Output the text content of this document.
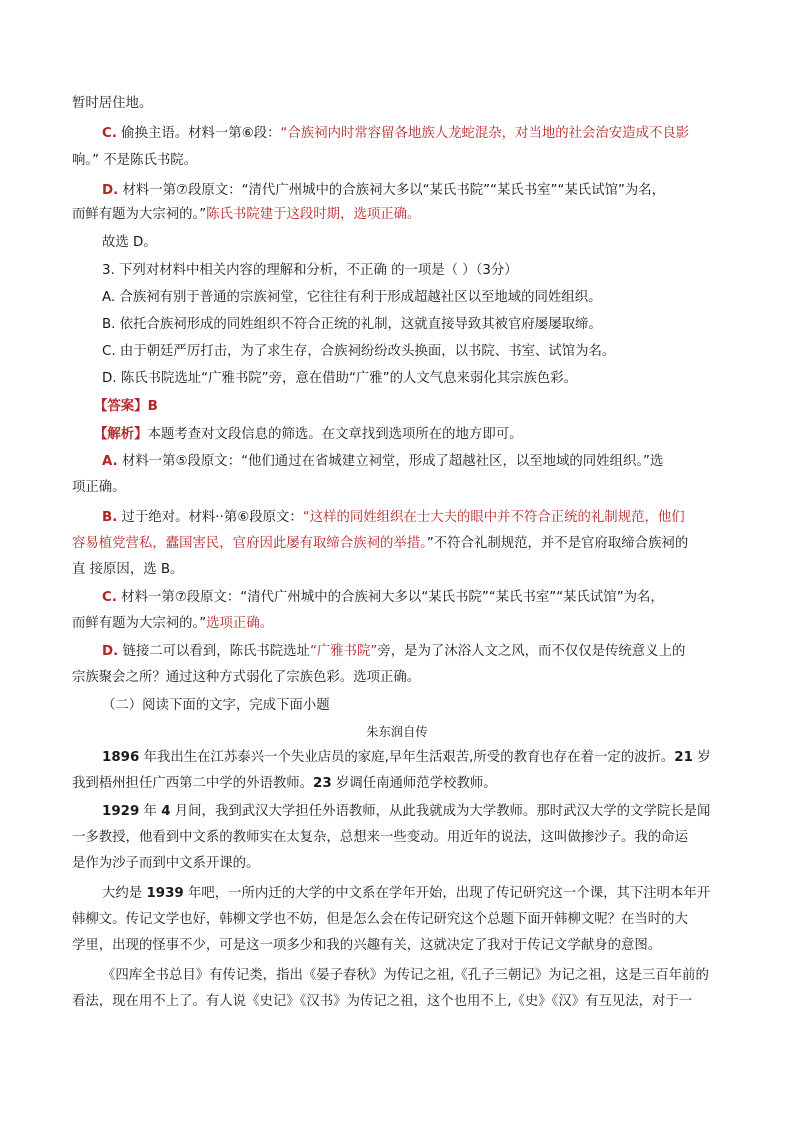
暂时居住地。
C. 偷换主语。材料一第⑥段：“合族祠内时常容留各地族人龙蛇混杂，对当地的社会治安造成不良影
响。” 不是陈氏书院。
D. 材料一第⑦段原文：“清代广州城中的合族祠大多以“某氏书院”“某氏书室”“某氏试馆”为名，
而鲜有题为大宗祠的。”陈氏书院建于这段时期，选项正确。
故选 D。
3. 下列对材料中相关内容的理解和分析，不正确 的一项是（ ）（3分）
A. 合族祠有别于普通的宗族祠堂，它往往有利于形成超越社区以至地域的同姓组织。
B. 依托合族祠形成的同姓组织不符合正统的礼制，这就直接导致其被官府屡屡取缔。
C. 由于朝廷严厉打击，为了求生存，合族祠纷纷改头换面，以书院、书室、试馆为名。
D. 陈氏书院选址“广雅书院”旁，意在借助“广雅”的人文气息来弱化其宗族色彩。
【答案】B
【解析】本题考查对文段信息的筛选。在文章找到选项所在的地方即可。
A. 材料一第⑤段原文：“他们通过在省城建立祠堂，形成了超越社区，以至地域的同姓组织。”选
项正确。
B. 过于绝对。材料··第⑥段原文：“这样的同姓组织在士大夫的眼中并不符合正统的礼制规范，他们
容易植党营私，蠹国害民，官府因此屡有取缔合族祠的举措。”不符合礼制规范，并不是官府取缔合族祠的
直 接原因，选 B。
C. 材料一第⑦段原文：“清代广州城中的合族祠大多以“某氏书院”“某氏书室”“某氏试馆”为名，
而鲜有题为大宗祠的。”选项正确。
D. 链接二可以看到，陈氏书院选址“广雅书院”旁，是为了沐浴人文之风，而不仅仅是传统意义上的
宗族聚会之所？通过这种方式弱化了宗族色彩。选项正确。
（二）阅读下面的文字，完成下面小题
朱东润自传
1896 年我出生在江苏泰兴一个失业店员的家庭,早年生活艰苦,所受的教育也存在着一定的波折。21 岁
我到梧州担任广西第二中学的外语教师。23 岁调任南通师范学校教师。
1929 年 4 月间，我到武汉大学担任外语教师，从此我就成为大学教师。那时武汉大学的文学院长是闻
一多教授，他看到中文系的教师实在太复杂，总想来一些变动。用近年的说法，这叫做掺沙子。我的命运
是作为沙子而到中文系开课的。
大约是 1939 年吧，一所内迁的大学的中文系在学年开始，出现了传记研究这一个课，其下注明本年开
韩柳文。传记文学也好，韩柳文学也不妨，但是怎么会在传记研究这个总题下面开韩柳文呢？在当时的大
学里，出现的怪事不少，可是这一项多少和我的兴趣有关，这就决定了我对于传记文学献身的意图。
《四库全书总目》有传记类，指出《晏子春秋》为传记之祖,《孔子三朝记》为记之祖，这是三百年前的
看法，现在用不上了。有人说《史记》《汉书》为传记之祖，这个也用不上,《史》《汉》有互见法，对于一
